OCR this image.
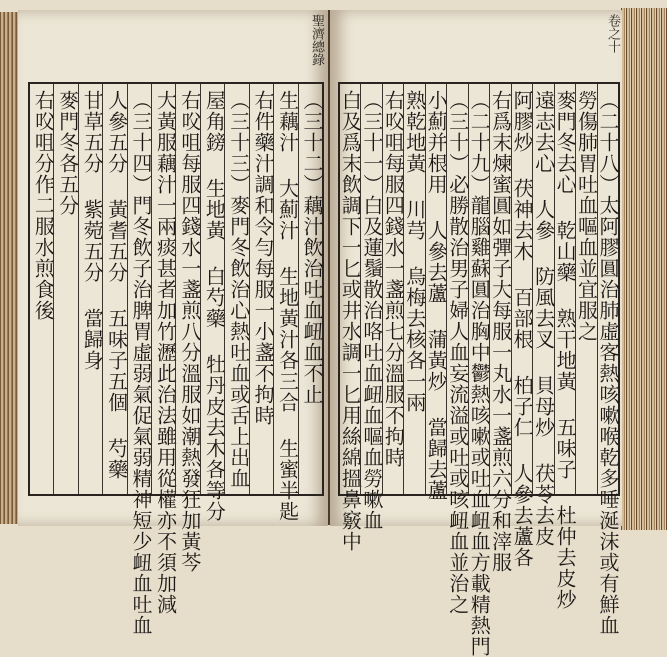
聖濟總錄	卷之十
（二十八）太阿膠圓治肺虛客熱咳嗽喉乾多唾涎沫或有鮮血
勞傷肺胃吐血嘔血並宜服之
麥門冬去心 乾山藥 熟干地黃 五味子 杜仲去皮炒
遠志去心 人參 防風去叉 貝母炒 茯苓去皮
阿膠炒 茯神去木 百部根 柏子仁 人參去蘆各
右爲末煉蜜圓如彈子大每服一丸水一盞煎六分和滓服
（二十九）龍腦雞蘇圓治胸中鬱熱咳嗽或吐血衄血方載精熱門
（三十）必勝散治男子婦人血妄流溢或吐或咳衄血並治之
小薊并根用 人參去蘆 蒲黃炒 當歸去蘆
熟乾地黃 川芎 烏梅去核各一兩
右㕮咀每服四錢水一盞煎七分溫服不拘時
（三十一）白及蓮鬚散治咯吐血衄血嘔血勞嗽血
白及爲末飲調下一匕或井水調一匕用絲綿搵鼻竅中
（三十二）藕汁飲治吐血衄血不止
生藕汁 大薊汁 生地黃汁各三合 生蜜半匙
右件藥汁調和令勻每服一小盞不拘時
（三十三）麥門冬飲治心熱吐血或舌上出血
屋角鎊 生地黃 白芍藥 牡丹皮去木各等分
右㕮咀每服四錢水一盞煎八分溫服如潮熱發狂加黃芩
大黃服藕汁一兩痰甚者加竹瀝此治法雖用從權亦不須加減
（三十四）門冬飲子治脾胃虛弱氣促氣弱精神短少衄血吐血
人參五分 黃耆五分 五味子五個 芍藥
甘草五分 紫菀五分 當歸身
麥門冬各五分
右㕮咀分作二服水煎食後
